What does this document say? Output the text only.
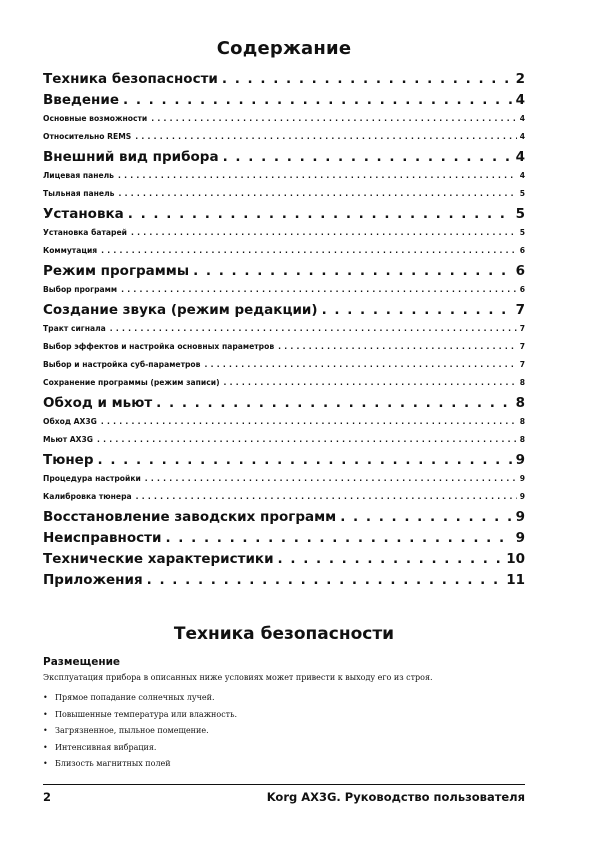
Содержание
Техника безопасности . . .	2
Введение . . .	4
Основные возможности . . .	4
Относительно REMS . . .	4
Внешний вид прибора . . .	4
Лицевая панель . . .	4
Тыльная панель . . .	5
Установка . . .	5
Установка батарей . . .	5
Коммутация . . .	6
Режим программы . . .	6
Выбор программ . . .	6
Создание звука (режим редакции) . . .	7
Тракт сигнала . . .	7
Выбор эффектов и настройка основных параметров . . .	7
Выбор и настройка суб-параметров . . .	7
Сохранение программы (режим записи) . . .	8
Обход и мьют . . .	8
Обход AX3G . . .	8
Мьют AX3G . . .	8
Тюнер . . .	9
Процедура настройки . . .	9
Калибровка тюнера . . .	9
Восстановление заводских программ . . .	9
Неисправности . . .	9
Технические характеристики . . .	10
Приложения . . .	11
Техника безопасности
Размещение

Эксплуатация прибора в описанных ниже условиях может привести к выходу его из строя.

• Прямое попадание солнечных лучей.
• Повышенные температура или влажность.
• Загрязненное, пыльное помещение.
• Интенсивная вибрация.
• Близость магнитных полей
2	Korg AX3G. Руководство пользователя
